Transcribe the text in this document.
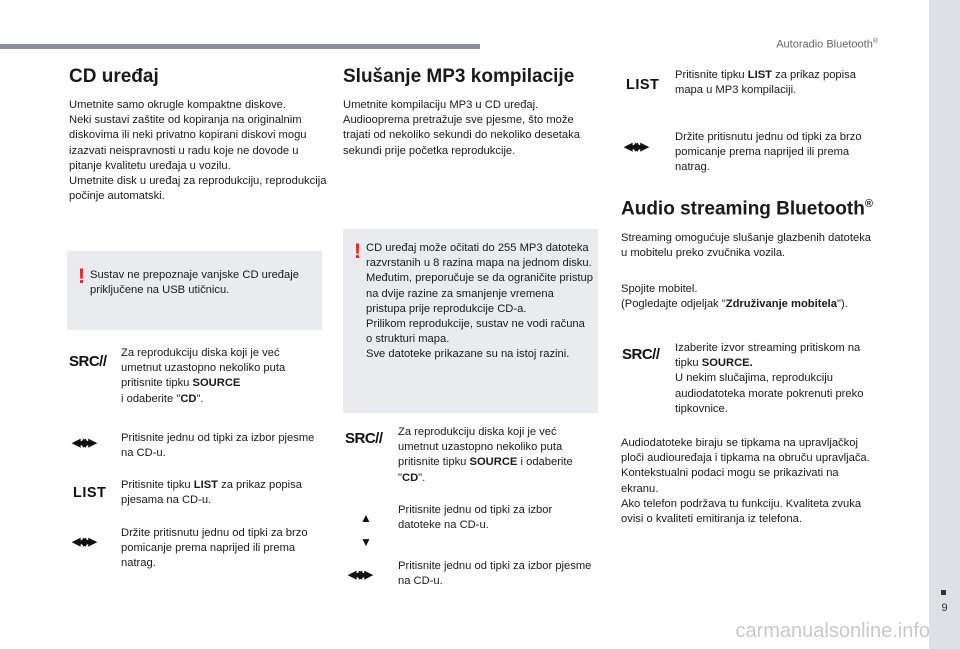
Autoradio Bluetooth®
9
CD uređaj
Umetnite samo okrugle kompaktne diskove.
Neki sustavi zaštite od kopiranja na originalnim diskovima ili neki privatno kopirani diskovi mogu izazvati neispravnosti u radu koje ne dovode u pitanje kvalitetu uređaja u vozilu.
Umetnite disk u uređaj za reprodukciju, reprodukcija počinje automatski.
! Sustav ne prepoznaje vanjske CD uređaje priključene na USB utičnicu.
SRC// Za reprodukciju diska koji je već umetnut uzastopno nekoliko puta pritisnite tipku SOURCE
i odaberite "CD".
◀◀ ▶▶ Pritisnite jednu od tipki za izbor pjesme na CD-u.
LIST Pritisnite tipku LIST za prikaz popisa pjesama na CD-u.
◀◀ ▶▶
Držite pritisnutu jednu od tipki za brzo pomicanje prema naprijed ili prema natrag.
Slušanje MP3 kompilacije
Umetnite kompilaciju MP3 u CD uređaj.
Audiooprema pretražuje sve pjesme, što može trajati od nekoliko sekundi do nekoliko desetaka sekundi prije početka reprodukcije.
! CD uređaj može očitati do 255 MP3 datoteka razvrstanih u 8 razina mapa na jednom disku.
Međutim, preporučuje se da ograničite pristup na dvije razine za smanjenje vremena pristupa prije reprodukcije CD-a.
Prilikom reprodukcije, sustav ne vodi računa o strukturi mapa.
Sve datoteke prikazane su na istoj razini.
SRC// Za reprodukciju diska koji je već umetnut uzastopno nekoliko puta pritisnite tipku SOURCE i odaberite "CD".
▲
▼
Pritisnite jednu od tipki za izbor datoteke na CD-u.
◀◀ ▶▶
Pritisnite jednu od tipki za izbor pjesme na CD-u.
LIST
Pritisnite tipku LIST za prikaz popisa mapa u MP3 kompilaciji.
◀◀ ▶▶
Držite pritisnutu jednu od tipki za brzo pomicanje prema naprijed ili prema natrag.
Audio streaming Bluetooth®
Streaming omogućuje slušanje glazbenih datoteka u mobitelu preko zvučnika vozila.
Spojite mobitel.
(Pogledajte odjeljak "Združivanje mobitela").
SRC// Izaberite izvor streaming pritiskom na tipku SOURCE.
U nekim slučajima, reprodukciju audiodatoteka morate pokrenuti preko tipkovnice.
Audiodatoteke biraju se tipkama na upravljačkoj ploči audiouređaja i tipkama na obruču upravljača. Kontekstualni podaci mogu se prikazivati na ekranu.
Ako telefon podržava tu funkciju. Kvaliteta zvuka ovisi o kvaliteti emitiranja iz telefona.
carmanualsonline.info
